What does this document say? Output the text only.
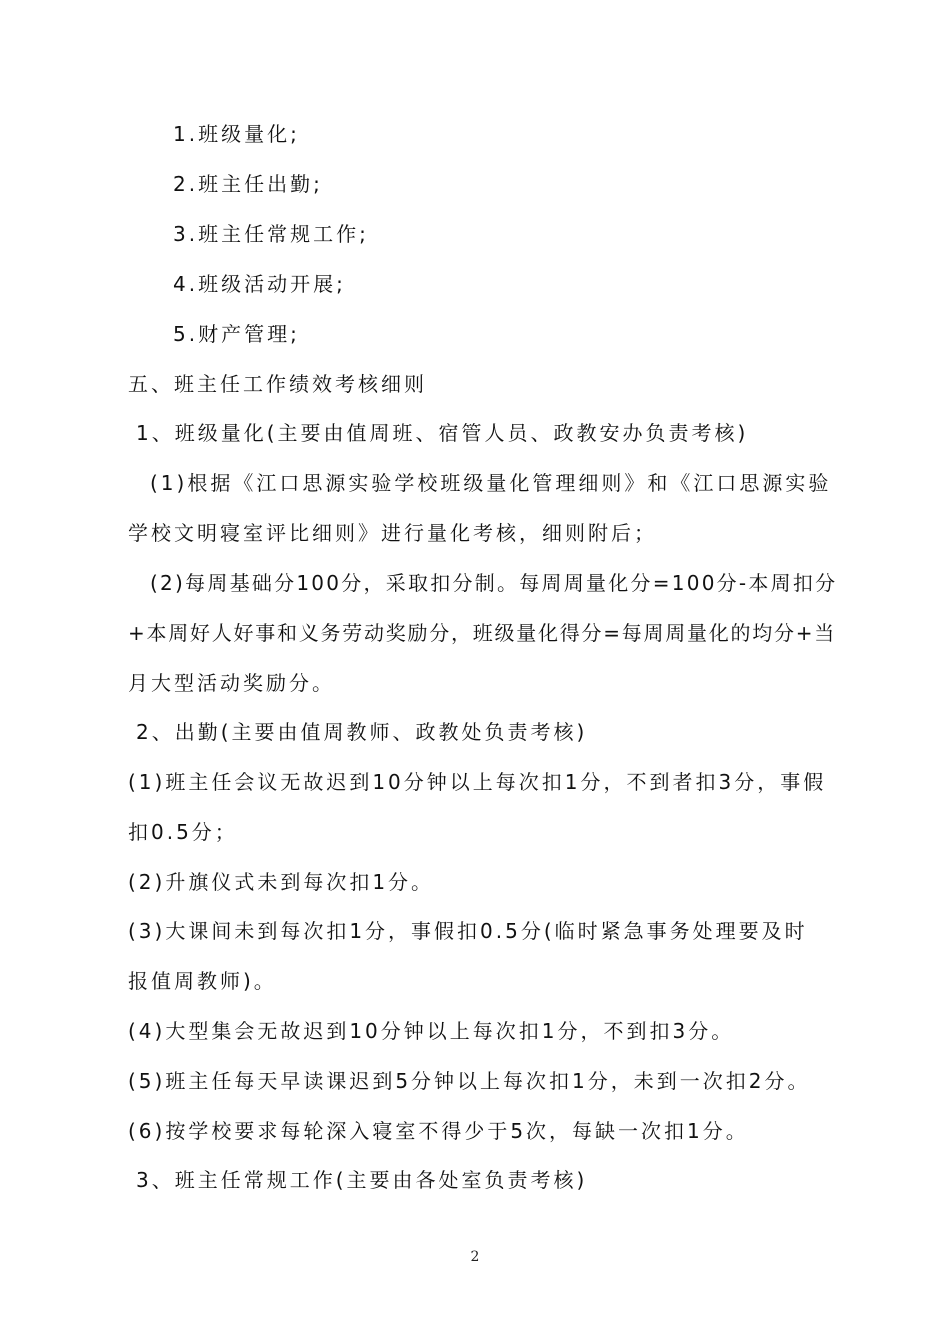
1.班级量化;
2.班主任出勤;
3.班主任常规工作;
4.班级活动开展;
5.财产管理;
五、班主任工作绩效考核细则
1、班级量化(主要由值周班、宿管人员、政教安办负责考核)
(1)根据《江口思源实验学校班级量化管理细则》和《江口思源实验
学校文明寝室评比细则》进行量化考核，细则附后；
(2)每周基础分100分，采取扣分制。每周周量化分=100分-本周扣分
+本周好人好事和义务劳动奖励分，班级量化得分=每周周量化的均分+当
月大型活动奖励分。
2、出勤(主要由值周教师、政教处负责考核)
(1)班主任会议无故迟到10分钟以上每次扣1分，不到者扣3分，事假
扣0.5分；
(2)升旗仪式未到每次扣1分。
(3)大课间未到每次扣1分，事假扣0.5分(临时紧急事务处理要及时
报值周教师)。
(4)大型集会无故迟到10分钟以上每次扣1分，不到扣3分。
(5)班主任每天早读课迟到5分钟以上每次扣1分，未到一次扣2分。
(6)按学校要求每轮深入寝室不得少于5次，每缺一次扣1分。
3、班主任常规工作(主要由各处室负责考核)
2
